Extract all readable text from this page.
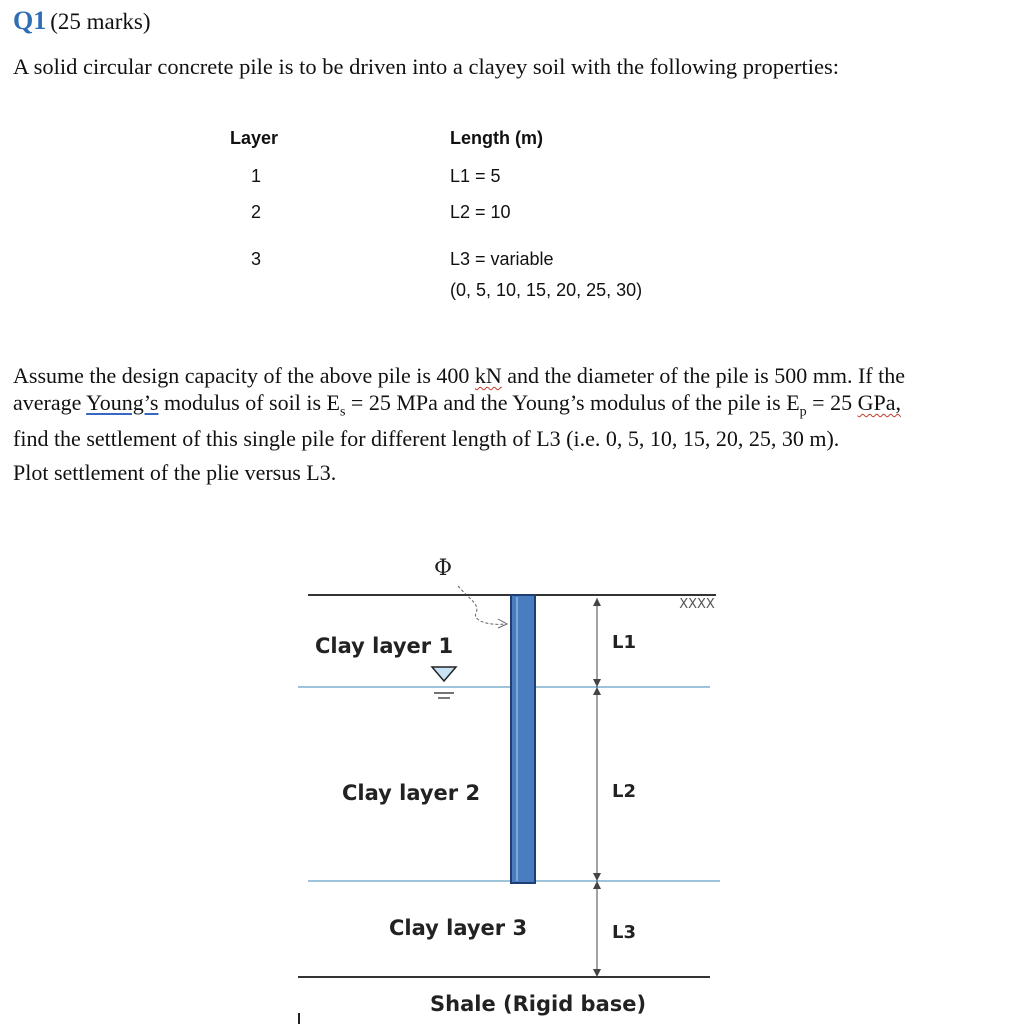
Q1 (25 marks)
A solid circular concrete pile is to be driven into a clayey soil with the following properties:
Layer	Length (m)
1	L1 = 5
2	L2 = 10
3	L3 = variable
(0, 5, 10, 15, 20, 25, 30)
Assume the design capacity of the above pile is 400 kN and the diameter of the pile is 500 mm. If the
average Young’s modulus of soil is $E_s = 25$ MPa and the Young’s modulus of the pile is $E_p = 25$ GPa,
find the settlement of this single pile for different length of L3 (i.e. 0, 5, 10, 15, 20, 25, 30 m).
Plot settlement of the plie versus L3.
Φ
XXXX
Clay layer 1
Clay layer 2
Clay layer 3
L1
L2
L3
Shale (Rigid base)
